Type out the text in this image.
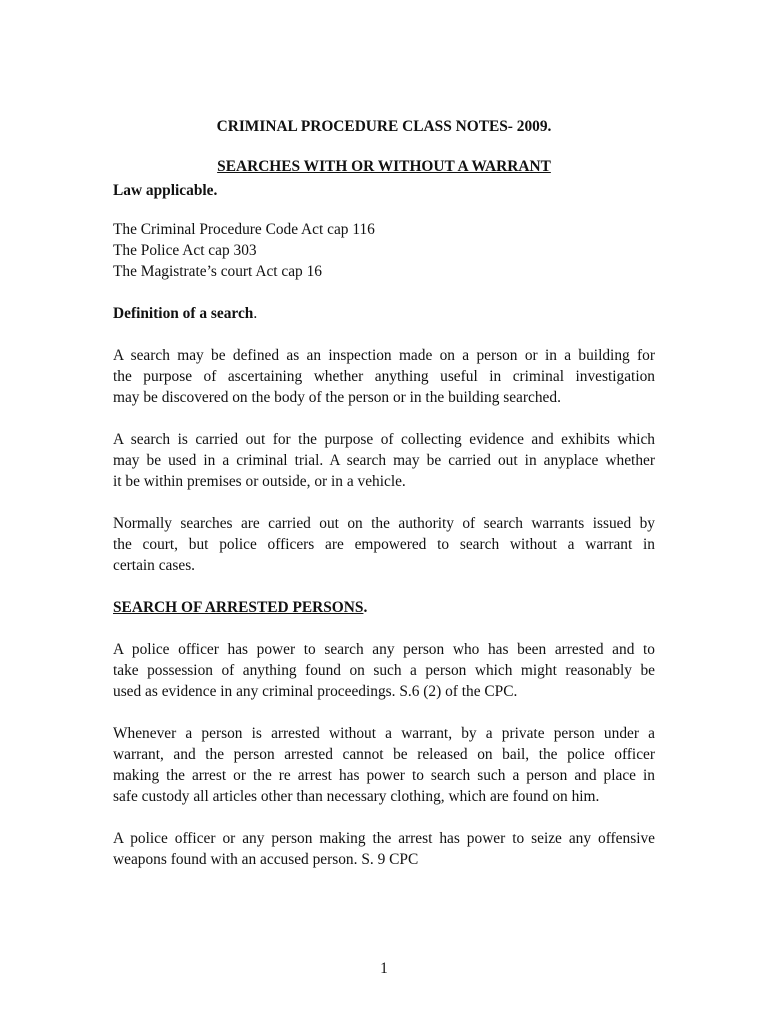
CRIMINAL PROCEDURE CLASS NOTES- 2009.
SEARCHES WITH OR WITHOUT A WARRANT
Law applicable.
The Criminal Procedure Code Act cap 116
The Police Act cap 303
The Magistrate’s court Act cap 16
Definition of a search.
A search may be defined as an inspection made on a person or in a building for
the purpose of ascertaining whether anything useful in criminal investigation
may be discovered on the body of the person or in the building searched.
A search is carried out for the purpose of collecting evidence and exhibits which
may be used in a criminal trial. A search may be carried out in anyplace whether
it be within premises or outside, or in a vehicle.
Normally searches are carried out on the authority of search warrants issued by
the court, but police officers are empowered to search without a warrant in
certain cases.
SEARCH OF ARRESTED PERSONS.
A police officer has power to search any person who has been arrested and to
take possession of anything found on such a person which might reasonably be
used as evidence in any criminal proceedings. S.6 (2) of the CPC.
Whenever a person is arrested without a warrant, by a private person under a
warrant, and the person arrested cannot be released on bail, the police officer
making the arrest or the re arrest has power to search such a person and place in
safe custody all articles other than necessary clothing, which are found on him.
A police officer or any person making the arrest has power to seize any offensive
weapons found with an accused person. S. 9 CPC
1
